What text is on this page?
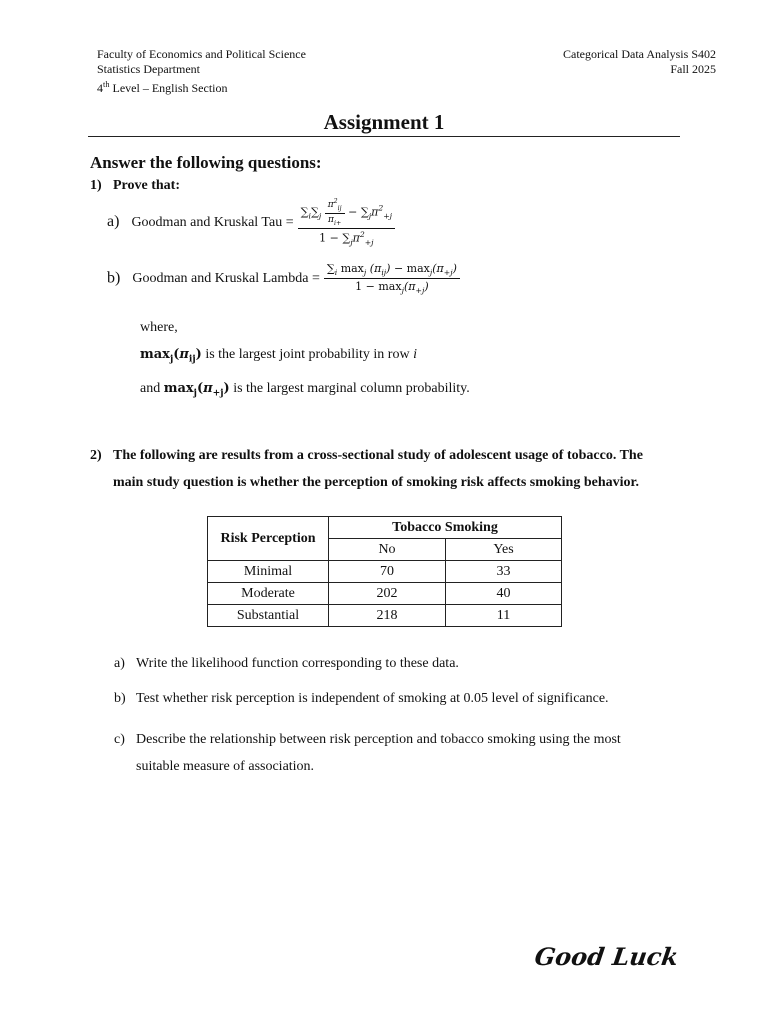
Faculty of Economics and Political Science
Statistics Department
4th Level – English Section
Categorical Data Analysis S402
Fall 2025
Assignment 1
Answer the following questions:
1) Prove that:
a) Goodman and Kruskal Tau = $\frac{\sum_i\sum_j \frac{\pi^2_{ij}}{\pi_{i+}} - \sum_j\pi^2_{+j}}{1 - \sum_j\pi^2_{+j}}$
b) Goodman and Kruskal Lambda = $\frac{\sum_i \max_j (\pi_{ij}) - \max_j(\pi_{+j})}{1 - \max_j(\pi_{+j})}$
where,
$\max_j(\pi_{ij})$ is the largest joint probability in row i
and $\max_j(\pi_{+j})$ is the largest marginal column probability.
2) The following are results from a cross-sectional study of adolescent usage of tobacco. The
main study question is whether the perception of smoking risk affects smoking behavior.
Risk Perception	Tobacco Smoking	
	No	Yes
Minimal	70	33
Moderate	202	40
Substantial	218	11
a) Write the likelihood function corresponding to these data.
b) Test whether risk perception is independent of smoking at 0.05 level of significance.
c) Describe the relationship between risk perception and tobacco smoking using the most
suitable measure of association.
Good Luck
